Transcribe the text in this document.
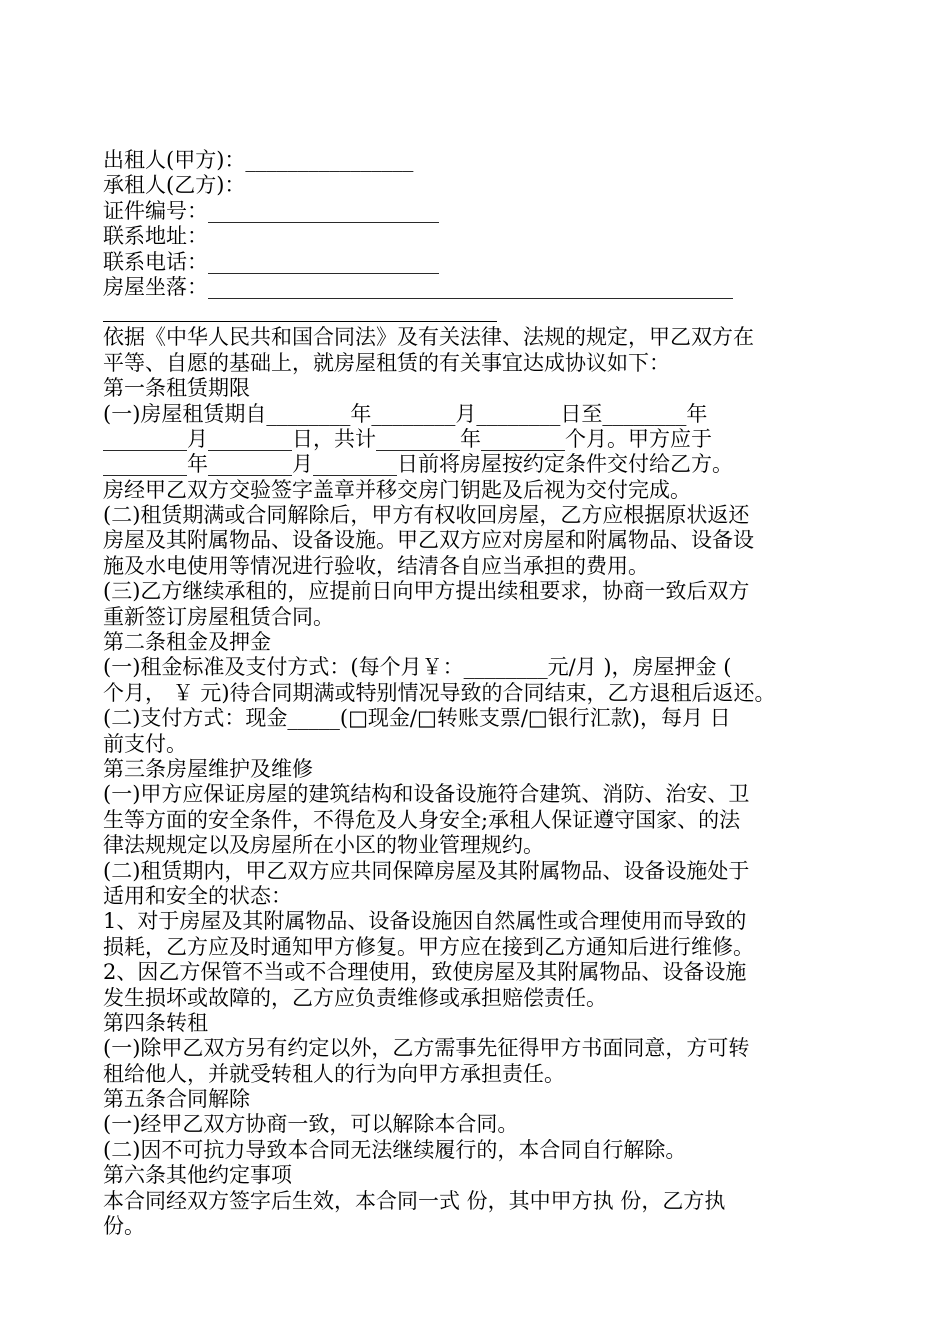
出租人(甲方)：________________
承租人(乙方)：
证件编号：______________________
联系地址：
联系电话：______________________
房屋坐落：__________________________________________________
依据《中华人民共和国合同法》及有关法律、法规的规定，甲乙双方在
平等、自愿的基础上，就房屋租赁的有关事宜达成协议如下：
第一条租赁期限
(一)房屋租赁期自________年________月________日至________年
________月________日，共计________年________个月。甲方应于
________年________月________日前将房屋按约定条件交付给乙方。
房经甲乙双方交验签字盖章并移交房门钥匙及后视为交付完成。
(二)租赁期满或合同解除后，甲方有权收回房屋，乙方应根据原状返还
房屋及其附属物品、设备设施。甲乙双方应对房屋和附属物品、设备设
施及水电使用等情况进行验收，结清各自应当承担的费用。
(三)乙方继续承租的，应提前日向甲方提出续租要求，协商一致后双方
重新签订房屋租赁合同。
第二条租金及押金
(一)租金标准及支付方式：(每个月￥：________元/月 )，房屋押金 (
个月， ￥ 元)待合同期满或特别情况导致的合同结束，乙方退租后返还。
(二)支付方式：现金_____(□现金/□转账支票/□银行汇款)，每月 日
前支付。
第三条房屋维护及维修
(一)甲方应保证房屋的建筑结构和设备设施符合建筑、消防、治安、卫
生等方面的安全条件，不得危及人身安全;承租人保证遵守国家、的法
律法规规定以及房屋所在小区的物业管理规约。
(二)租赁期内，甲乙双方应共同保障房屋及其附属物品、设备设施处于
适用和安全的状态：
1、对于房屋及其附属物品、设备设施因自然属性或合理使用而导致的
损耗，乙方应及时通知甲方修复。甲方应在接到乙方通知后进行维修。
2、因乙方保管不当或不合理使用，致使房屋及其附属物品、设备设施
发生损坏或故障的，乙方应负责维修或承担赔偿责任。
第四条转租
(一)除甲乙双方另有约定以外，乙方需事先征得甲方书面同意，方可转
租给他人，并就受转租人的行为向甲方承担责任。
第五条合同解除
(一)经甲乙双方协商一致，可以解除本合同。
(二)因不可抗力导致本合同无法继续履行的，本合同自行解除。
第六条其他约定事项
本合同经双方签字后生效，本合同一式 份，其中甲方执 份，乙方执
份。
